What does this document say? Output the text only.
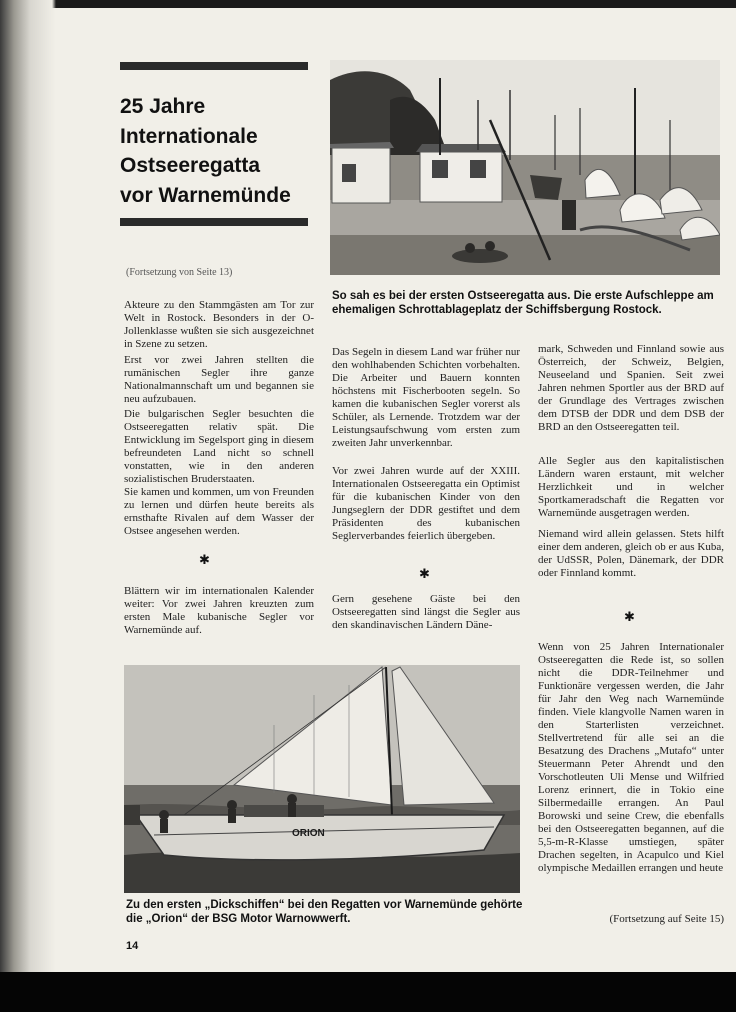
25 Jahre
Internationale
Ostseeregatta
vor Warnemünde

So sah es bei der ersten Ostseeregatta aus. Die erste Aufschleppe am ehemaligen Schrottablageplatz der Schiffsbergung Rostock.

(Fortsetzung von Seite 13)

Akteure zu den Stammgästen am Tor zur Welt in Rostock. Besonders in der O-Jollenklasse wußten sie sich ausgezeichnet in Szene zu setzen.

Erst vor zwei Jahren stellten die rumänischen Segler ihre ganze Nationalmannschaft um und begannen sie neu aufzubauen.

Die bulgarischen Segler besuchten die Ostseeregatten relativ spät. Die Entwicklung im Segelsport ging in diesem befreundeten Land nicht so schnell vonstatten, wie in den anderen sozialistischen Bruderstaaten.

Sie kamen und kommen, um von Freunden zu lernen und dürfen heute bereits als ernsthafte Rivalen auf dem Wasser der Ostsee angesehen werden.

✱

Blättern wir im internationalen Kalender weiter: Vor zwei Jahren kreuzten zum ersten Male kubanische Segler vor Warnemünde auf.

Das Segeln in diesem Land war früher nur den wohlhabenden Schichten vorbehalten. Die Arbeiter und Bauern konnten höchstens mit Fischerbooten segeln. So kamen die kubanischen Segler vorerst als Schüler, als Lernende. Trotzdem war der Leistungsaufschwung vom ersten zum zweiten Jahr unverkennbar.

Vor zwei Jahren wurde auf der XXIII. Internationalen Ostseeregatta ein Optimist für die kubanischen Kinder von den Jungseglern der DDR gestiftet und dem Präsidenten des kubanischen Seglerverbandes feierlich übergeben.

✱

Gern gesehene Gäste bei den Ostseeregatten sind längst die Segler aus den skandinavischen Ländern Däne-

mark, Schweden und Finnland sowie aus Österreich, der Schweiz, Belgien, Neuseeland und Spanien. Seit zwei Jahren nehmen Sportler aus der BRD auf der Grundlage des Vertrages zwischen dem DTSB der DDR und dem DSB der BRD an den Ostseeregatten teil.

Alle Segler aus den kapitalistischen Ländern waren erstaunt, mit welcher Herzlichkeit und in welcher Sportkameradschaft die Regatten vor Warnemünde ausgetragen werden.

Niemand wird allein gelassen. Stets hilft einer dem anderen, gleich ob er aus Kuba, der UdSSR, Polen, Dänemark, der DDR oder Finnland kommt.

✱

Wenn von 25 Jahren Internationaler Ostseeregatten die Rede ist, so sollen nicht die DDR-Teilnehmer und Funktionäre vergessen werden, die Jahr für Jahr den Weg nach Warnemünde finden. Viele klangvolle Namen waren in den Starterlisten verzeichnet. Stellvertretend für alle sei an die Besatzung des Drachens „Mutafo“ unter Steuermann Peter Ahrendt und den Vorschotleuten Uli Mense und Wilfried Lorenz erinnert, die in Tokio eine Silbermedaille errangen. An Paul Borowski und seine Crew, die ebenfalls bei den Ostseeregatten begannen, auf die 5,5-m-R-Klasse umstiegen, später Drachen segelten, in Acapulco und Kiel olympische Medaillen errangen und heute

(Fortsetzung auf Seite 15)

ORION

Zu den ersten „Dickschiffen“ bei den Regatten vor Warnemünde gehörte die „Orion“ der BSG Motor Warnowwerft.

14
